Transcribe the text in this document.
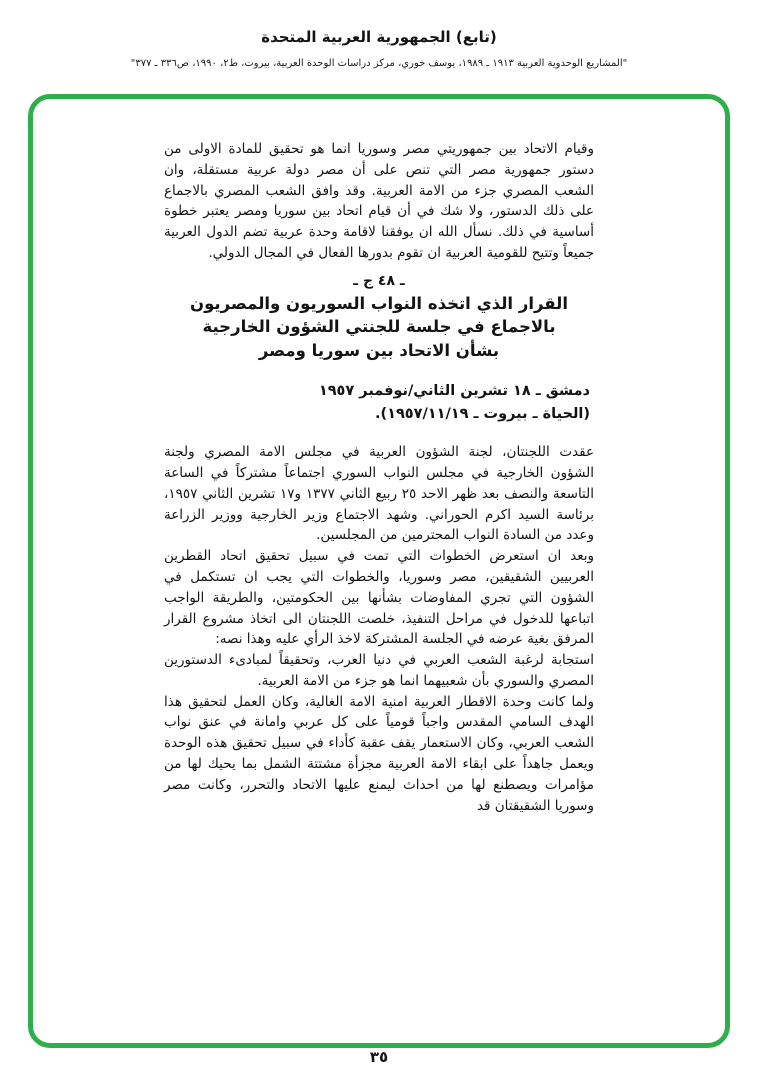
(تابع) الجمهورية العربية المتحدة
"المشاريع الوحدوية العربية ١٩١٣ ـ ١٩٨٩، يوسف خوري، مركز دراسات الوحدة العربية، بيروت، ط٢، ١٩٩٠، ص٣٣٦ ـ ٣٧٧"

وقيام الاتحاد بين جمهوريتي مصر وسوريا انما هو تحقيق للمادة الاولى من دستور جمهورية مصر التي تنص على أن مصر دولة عربية مستقلة، وان الشعب المصري جزء من الامة العربية. وقد وافق الشعب المصري بالاجماع على ذلك الدستور، ولا شك في أن قيام اتحاد بين سوريا ومصر يعتبر خطوة أساسية في ذلك. نسأل الله ان يوفقنا لاقامة وحدة عربية تضم الدول العربية جميعاً وتتيح للقومية العربية ان تقوم بدورها الفعال في المجال الدولي.

ـ ٤٨ ج ـ
القرار الذي اتخذه النواب السوريون والمصريون
بالاجماع في جلسة للجنتي الشؤون الخارجية
بشأن الاتحاد بين سوريا ومصر
دمشق ـ ١٨ تشرين الثاني/نوفمبر ١٩٥٧
(الحياة ـ بيروت ـ ١٩٥٧/١١/١٩).

عقدت اللجنتان، لجنة الشؤون العربية في مجلس الامة المصري ولجنة الشؤون الخارجية في مجلس النواب السوري اجتماعاً مشتركاً في الساعة التاسعة والنصف بعد ظهر الاحد ٢٥ ربيع الثاني ١٣٧٧ و١٧ تشرين الثاني ١٩٥٧، برئاسة السيد اكرم الحوراني. وشهد الاجتماع وزير الخارجية ووزير الزراعة وعدد من السادة النواب المحترمين من المجلسين.

وبعد ان استعرض الخطوات التي تمت في سبيل تحقيق اتحاد القطرين العربيين الشقيقين، مصر وسوريا، والخطوات التي يجب ان تستكمل في الشؤون التي تجري المفاوضات بشأنها بين الحكومتين، والطريقة الواجب اتباعها للدخول في مراحل التنفيذ، خلصت اللجنتان الى اتخاذ مشروع القرار المرفق بغية عرضه في الجلسة المشتركة لاخذ الرأي عليه وهذا نصه:

استجابة لرغبة الشعب العربي في دنيا العرب، وتحقيقاً لمبادىء الدستورين المصري والسوري بأن شعبيهما انما هو جزء من الامة العربية.

ولما كانت وحدة الاقطار العربية امنية الامة الغالية، وكان العمل لتحقيق هذا الهدف السامي المقدس واجباً قومياً على كل عربي وامانة في عنق نواب الشعب العربي، وكان الاستعمار يقف عقبة كأداء في سبيل تحقيق هذه الوحدة ويعمل جاهداً على ابقاء الامة العربية مجزأة مشتتة الشمل بما يحيك لها من مؤامرات ويصطنع لها من احداث ليمنع عليها الاتحاد والتحرر، وكانت مصر وسوريا الشقيقتان قد

٣٥
